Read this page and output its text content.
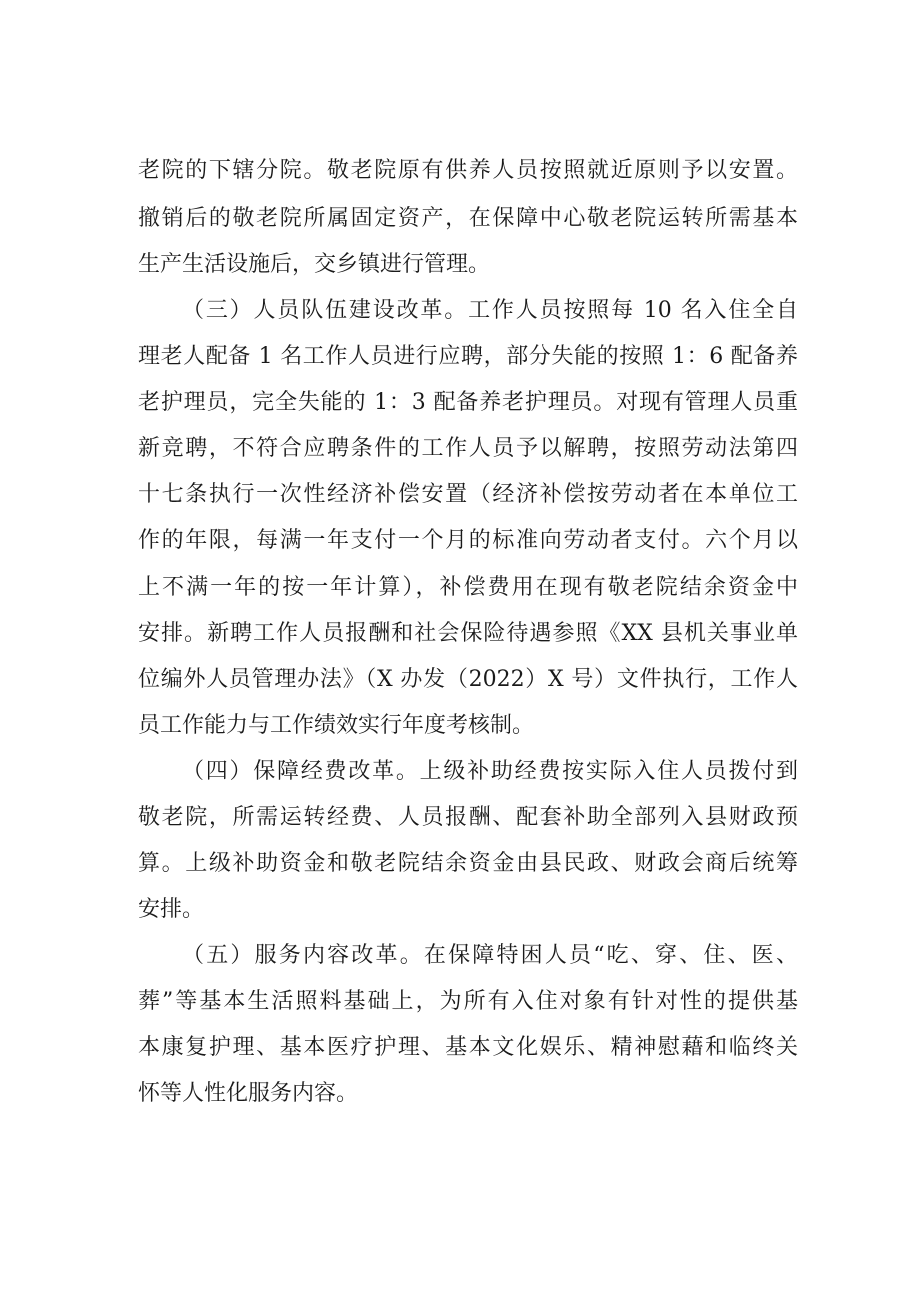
老院的下辖分院。敬老院原有供养人员按照就近原则予以安置。
撤销后的敬老院所属固定资产，在保障中心敬老院运转所需基本
生产生活设施后，交乡镇进行管理。
（三）人员队伍建设改革。工作人员按照每 10 名入住全自
理老人配备 1 名工作人员进行应聘，部分失能的按照 1：6 配备养
老护理员，完全失能的 1：3 配备养老护理员。对现有管理人员重
新竞聘，不符合应聘条件的工作人员予以解聘，按照劳动法第四
十七条执行一次性经济补偿安置（经济补偿按劳动者在本单位工
作的年限，每满一年支付一个月的标准向劳动者支付。六个月以
上不满一年的按一年计算），补偿费用在现有敬老院结余资金中
安排。新聘工作人员报酬和社会保险待遇参照《XX 县机关事业单
位编外人员管理办法》（X 办发（2022）X 号）文件执行，工作人
员工作能力与工作绩效实行年度考核制。
（四）保障经费改革。上级补助经费按实际入住人员拨付到
敬老院，所需运转经费、人员报酬、配套补助全部列入县财政预
算。上级补助资金和敬老院结余资金由县民政、财政会商后统筹
安排。
（五）服务内容改革。在保障特困人员“吃、穿、住、医、
葬”等基本生活照料基础上，为所有入住对象有针对性的提供基
本康复护理、基本医疗护理、基本文化娱乐、精神慰藉和临终关
怀等人性化服务内容。
